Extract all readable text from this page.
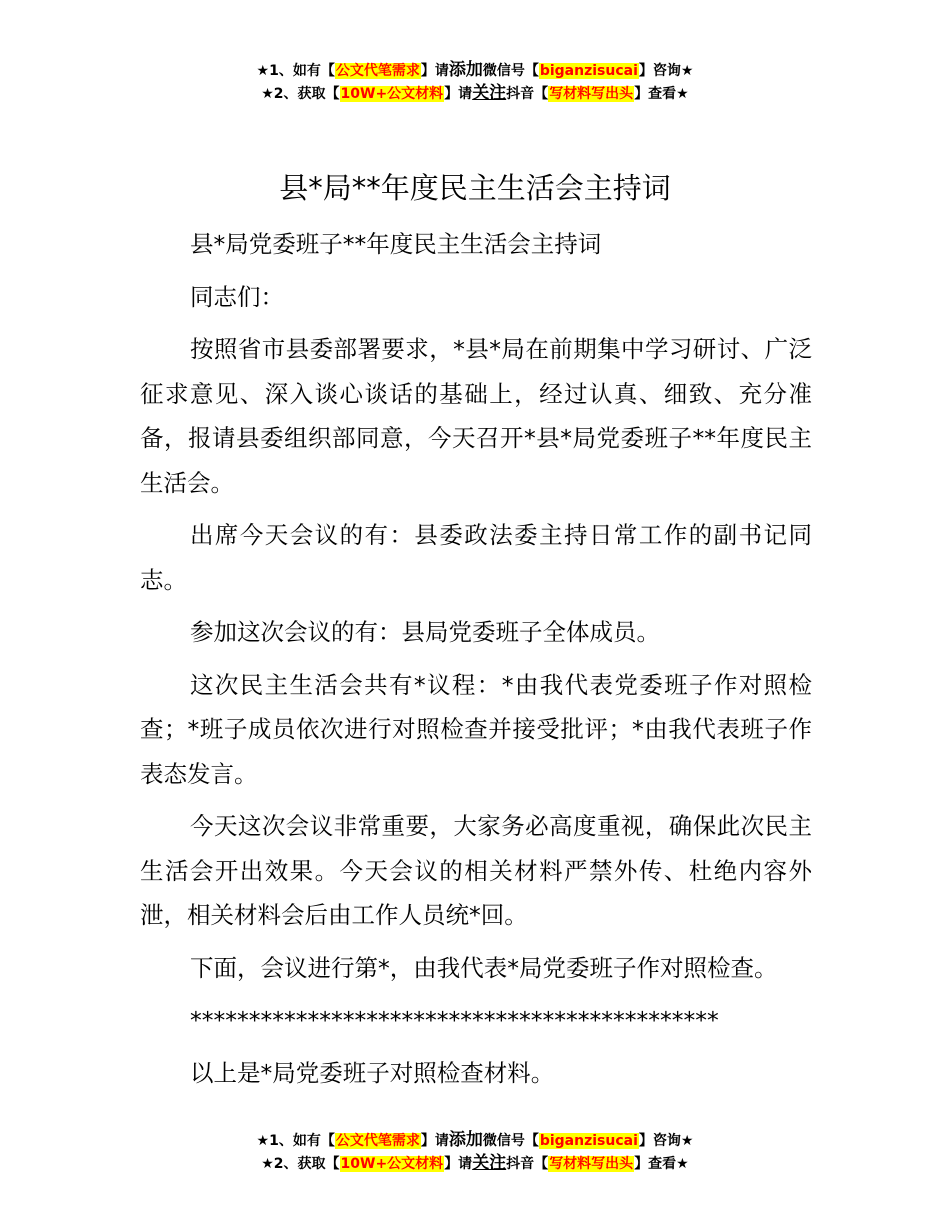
★1、如有【公文代笔需求】请添加微信号【biganzisucai】咨询★
★2、获取【10W+公文材料】请关注抖音【写材料写出头】查看★
县*局**年度民主生活会主持词

县*局党委班子**年度民主生活会主持词

同志们：

按照省市县委部署要求，*县*局在前期集中学习研讨、广泛征求意见、深入谈心谈话的基础上，经过认真、细致、充分准备，报请县委组织部同意，今天召开*县*局党委班子**年度民主生活会。

出席今天会议的有：县委政法委主持日常工作的副书记同志。

参加这次会议的有：县局党委班子全体成员。

这次民主生活会共有*议程：*由我代表党委班子作对照检查；*班子成员依次进行对照检查并接受批评；*由我代表班子作表态发言。

今天这次会议非常重要，大家务必高度重视，确保此次民主生活会开出效果。今天会议的相关材料严禁外传、杜绝内容外泄，相关材料会后由工作人员统*回。

下面，会议进行第*，由我代表*局党委班子作对照检查。

*********************************************

以上是*局党委班子对照检查材料。

★1、如有【公文代笔需求】请添加微信号【biganzisucai】咨询★
★2、获取【10W+公文材料】请关注抖音【写材料写出头】查看★
